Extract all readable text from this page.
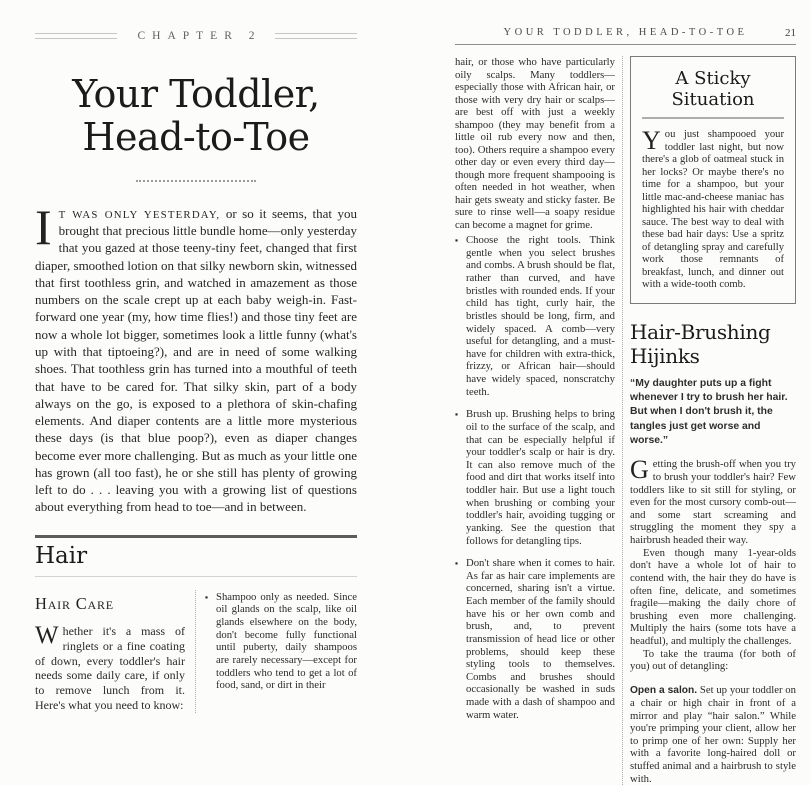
CHAPTER 2
Your Toddler,
Head-to-Toe

I T WAS ONLY YESTERDAY, or so it seems, that you brought that precious little bundle home—only yesterday that you gazed at those teeny-tiny feet, changed that first diaper, smoothed lotion on that silky newborn skin, witnessed that first toothless grin, and watched in amazement as those numbers on the scale crept up at each baby weigh-in. Fast-forward one year (my, how time flies!) and those tiny feet are now a whole lot bigger, sometimes look a little funny (what's up with that tiptoeing?), and are in need of some walking shoes. That toothless grin has turned into a mouthful of teeth that have to be cared for. That silky skin, part of a body always on the go, is exposed to a plethora of skin-chafing elements. And diaper contents are a little more mysterious these days (is that blue poop?), even as diaper changes become ever more challenging. But as much as your little one has grown (all too fast), he or she still has plenty of growing left to do . . . leaving you with a growing list of questions about everything from head to toe—and in between.

Hair
Hair Care

Whether it's a mass of ringlets or a fine coating of down, every toddler's hair needs some daily care, if only to remove lunch from it. Here's what you need to know:

▪ Shampoo only as needed. Since oil glands on the scalp, like oil glands elsewhere on the body, don't become fully functional until puberty, daily shampoos are rarely necessary—except for toddlers who tend to get a lot of food, sand, or dirt in their
YOUR TODDLER, HEAD-TO-TOE	21

hair, or those who have particularly oily scalps. Many toddlers—especially those with African hair, or those with very dry hair or scalps—are best off with just a weekly shampoo (they may benefit from a little oil rub every now and then, too). Others require a shampoo every other day or even every third day—though more frequent shampooing is often needed in hot weather, when hair gets sweaty and sticky faster. Be sure to rinse well—a soapy residue can become a magnet for grime.

▪ Choose the right tools. Think gentle when you select brushes and combs. A brush should be flat, rather than curved, and have bristles with rounded ends. If your child has tight, curly hair, the bristles should be long, firm, and widely spaced. A comb—very useful for detangling, and a must-have for children with extra-thick, frizzy, or African hair—should have widely spaced, nonscratchy teeth.
▪ Brush up. Brushing helps to bring oil to the surface of the scalp, and that can be especially helpful if your toddler's scalp or hair is dry. It can also remove much of the food and dirt that works itself into toddler hair. But use a light touch when brushing or combing your toddler's hair, avoiding tugging or yanking. See the question that follows for detangling tips.
▪ Don't share when it comes to hair. As far as hair care implements are concerned, sharing isn't a virtue. Each member of the family should have his or her own comb and brush, and, to prevent transmission of head lice or other problems, should keep these styling tools to themselves. Combs and brushes should occasionally be washed in suds made with a dash of shampoo and warm water.
A Sticky Situation

You just shampooed your toddler last night, but now there's a glob of oatmeal stuck in her locks? Or maybe there's no time for a shampoo, but your little mac-and-cheese maniac has highlighted his hair with cheddar sauce. The best way to deal with these bad hair days: Use a spritz of detangling spray and carefully work those remnants of breakfast, lunch, and dinner out with a wide-tooth comb.

Hair-Brushing Hijinks

“My daughter puts up a fight whenever I try to brush her hair. But when I don't brush it, the tangles just get worse and worse.”

Getting the brush-off when you try to brush your toddler's hair? Few toddlers like to sit still for styling, or even for the most cursory comb-out—and some start screaming and struggling the moment they spy a hairbrush headed their way.

Even though many 1-year-olds don't have a whole lot of hair to contend with, the hair they do have is often fine, delicate, and sometimes fragile—making the daily chore of brushing even more challenging. Multiply the hairs (some tots have a headful), and multiply the challenges.

To take the trauma (for both of you) out of detangling:

Open a salon. Set up your toddler on a chair or high chair in front of a mirror and play “hair salon.” While you're primping your client, allow her to primp one of her own: Supply her with a favorite long-haired doll or stuffed animal and a hairbrush to style with.
